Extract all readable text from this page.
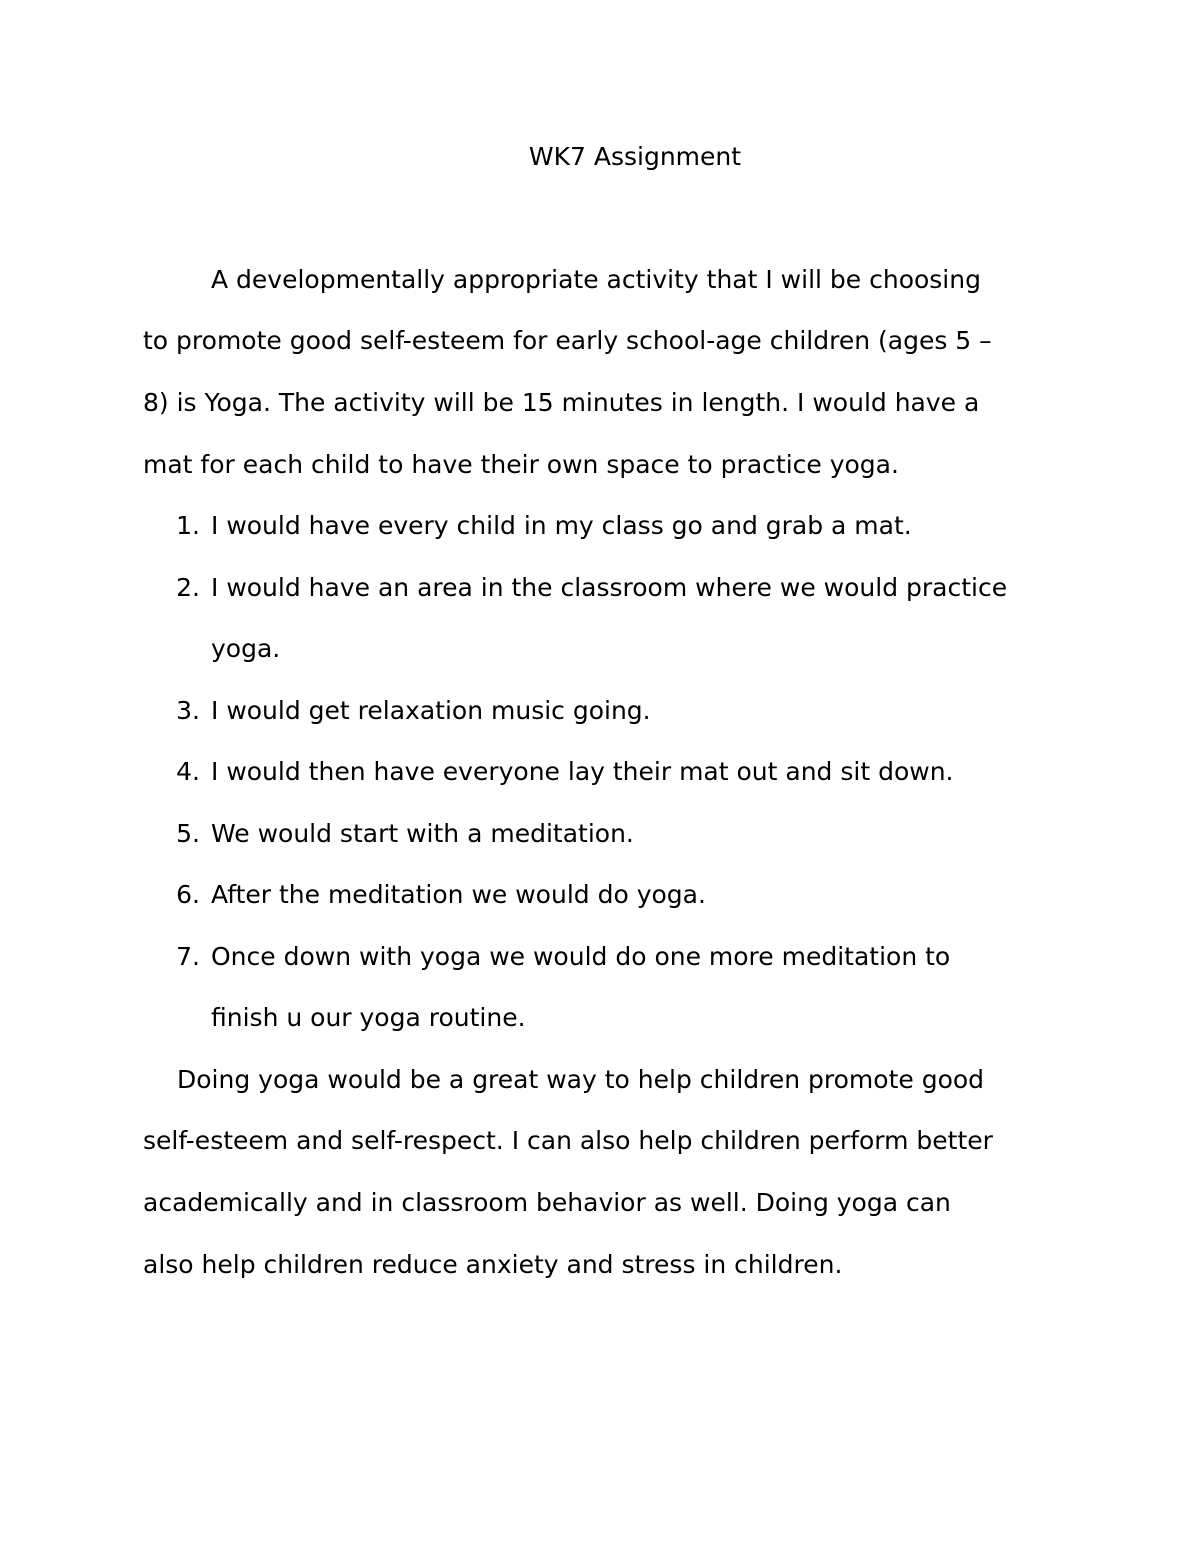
WK7 Assignment
A developmentally appropriate activity that I will be choosing
to promote good self-esteem for early school-age children (ages 5 –
8) is Yoga. The activity will be 15 minutes in length. I would have a
mat for each child to have their own space to practice yoga.
1. I would have every child in my class go and grab a mat.
2. I would have an area in the classroom where we would practice
yoga.
3. I would get relaxation music going.
4. I would then have everyone lay their mat out and sit down.
5. We would start with a meditation.
6. After the meditation we would do yoga.
7. Once down with yoga we would do one more meditation to
finish u our yoga routine.
Doing yoga would be a great way to help children promote good
self-esteem and self-respect. I can also help children perform better
academically and in classroom behavior as well. Doing yoga can
also help children reduce anxiety and stress in children.
